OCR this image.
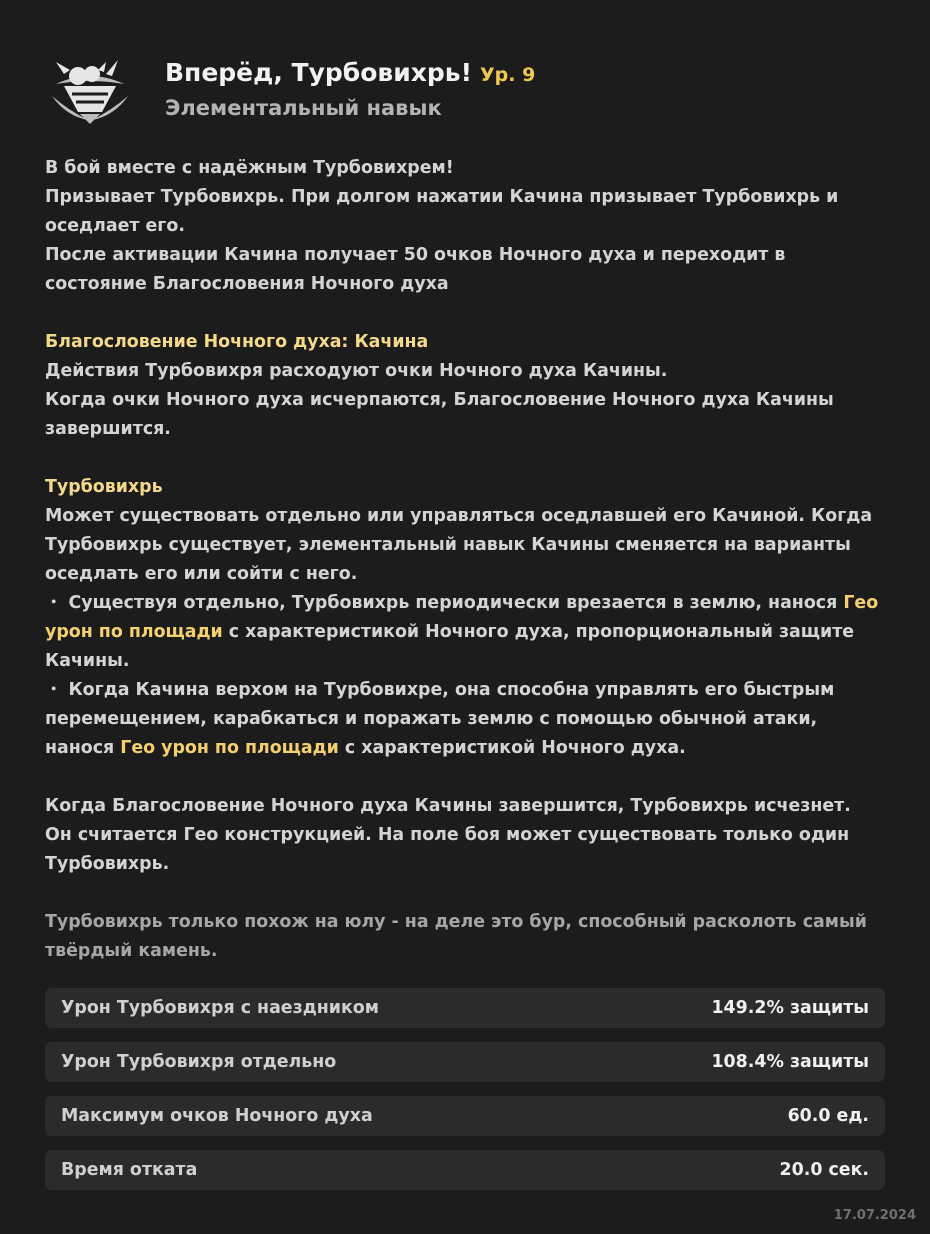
Вперёд, Турбовихрь! Ур. 9
Элементальный навык

В бой вместе с надёжным Турбовихрем!

Призывает Турбовихрь. При долгом нажатии Качина призывает Турбовихрь и оседлает его.

После активации Качина получает 50 очков Ночного духа и переходит в состояние Благословения Ночного духа

Благословение Ночного духа: Качина

Действия Турбовихря расходуют очки Ночного духа Качины.

Когда очки Ночного духа исчерпаются, Благословение Ночного духа Качины завершится.

Турбовихрь

Может существовать отдельно или управляться оседлавшей его Качиной. Когда Турбовихрь существует, элементальный навык Качины сменяется на варианты оседлать его или сойти с него.

・ Существуя отдельно, Турбовихрь периодически врезается в землю, нанося Гео урон по площади с характеристикой Ночного духа, пропорциональный защите Качины.

・ Когда Качина верхом на Турбовихре, она способна управлять его быстрым перемещением, карабкаться и поражать землю с помощью обычной атаки, нанося Гео урон по площади с характеристикой Ночного духа.

Когда Благословение Ночного духа Качины завершится, Турбовихрь исчезнет.

Он считается Гео конструкцией. На поле боя может существовать только один Турбовихрь.

Турбовихрь только похож на юлу - на деле это бур, способный расколоть самый твёрдый камень.

Урон Турбовихря с наездником	149.2% защиты
Урон Турбовихря отдельно	108.4% защиты
Максимум очков Ночного духа	60.0 ед.
Время отката	20.0 сек.
17.07.2024
